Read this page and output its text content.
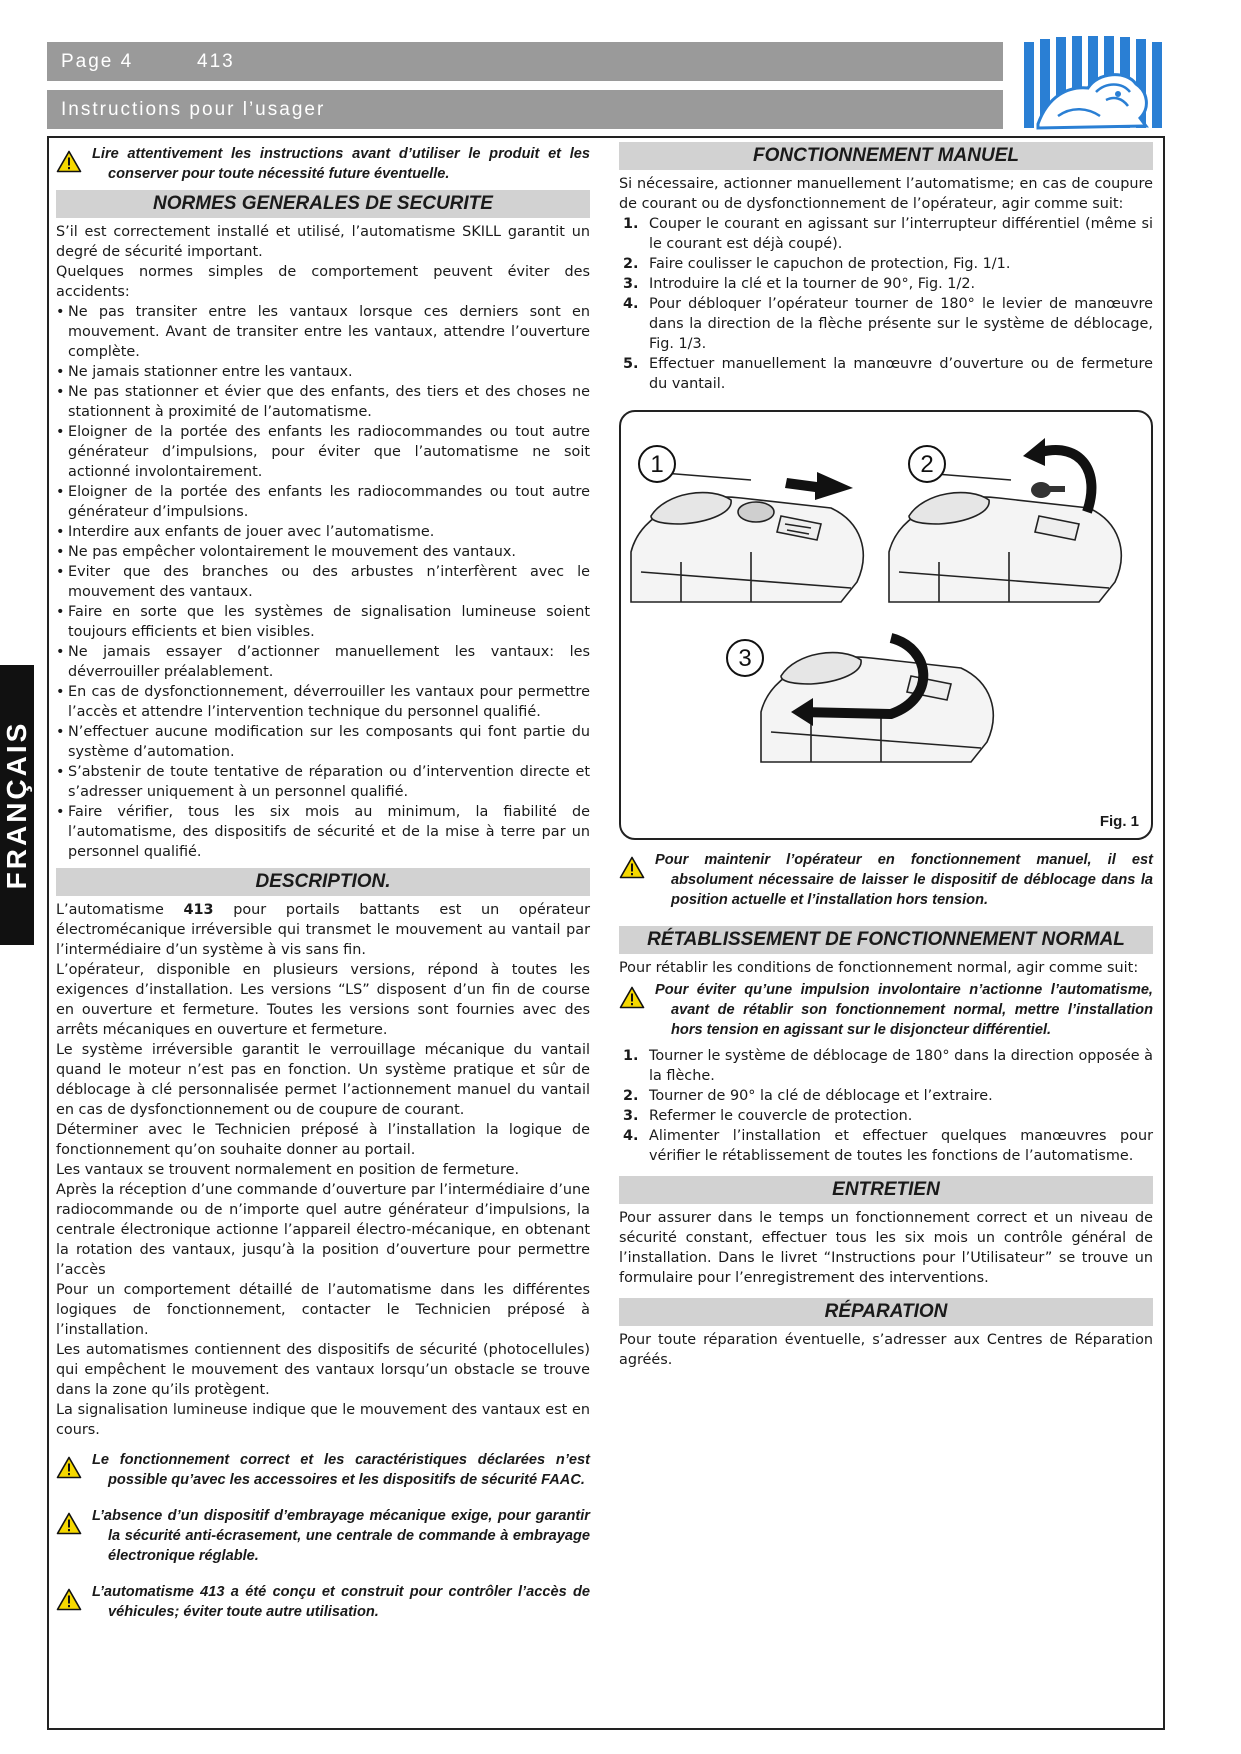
Page 4	413
Instructions pour l’usager
FRANÇAIS
Lire attentivement les instructions avant d’utiliser le produit et les conserver pour toute nécessité future éventuelle.
NORMES GENERALES DE SECURITE

S’il est correctement installé et utilisé, l’automatisme SKILL garantit un degré de sécurité important.

Quelques normes simples de comportement peuvent éviter des accidents:

• Ne pas transiter entre les vantaux lorsque ces derniers sont en mouvement. Avant de transiter entre les vantaux, attendre l’ouverture complète.
• Ne jamais stationner entre les vantaux.
• Ne pas stationner et évier que des enfants, des tiers et des choses ne stationnent à proximité de l’automatisme.
• Eloigner de la portée des enfants les radiocommandes ou tout autre générateur d’impulsions, pour éviter que l’automatisme ne soit actionné involontairement.
• Eloigner de la portée des enfants les radiocommandes ou tout autre générateur d’impulsions.
• Interdire aux enfants de jouer avec l’automatisme.
• Ne pas empêcher volontairement le mouvement des vantaux.
• Eviter que des branches ou des arbustes n’interfèrent avec le mouvement des vantaux.
• Faire en sorte que les systèmes de signalisation lumineuse soient toujours efficients et bien visibles.
• Ne jamais essayer d’actionner manuellement les vantaux: les déverrouiller préalablement.
• En cas de dysfonctionnement, déverrouiller les vantaux pour permettre l’accès et attendre l’intervention technique du personnel qualifié.
• N’effectuer aucune modification sur les composants qui font partie du système d’automation.
• S’abstenir de toute tentative de réparation ou d’intervention directe et s’adresser uniquement à un personnel qualifié.
• Faire vérifier, tous les six mois au minimum, la fiabilité de l’automatisme, des dispositifs de sécurité et de la mise à terre par un personnel qualifié.
DESCRIPTION.

L’automatisme 413 pour portails battants est un opérateur électromécanique irréversible qui transmet le mouvement au vantail par l’intermédiaire d’un système à vis sans fin.

L’opérateur, disponible en plusieurs versions, répond à toutes les exigences d’installation. Les versions “LS” disposent d’un fin de course en ouverture et fermeture. Toutes les versions sont fournies avec des arrêts mécaniques en ouverture et fermeture.

Le système irréversible garantit le verrouillage mécanique du vantail quand le moteur n’est pas en fonction. Un système pratique et sûr de déblocage à clé personnalisée permet l’actionnement manuel du vantail en cas de dysfonctionnement ou de coupure de courant.

Déterminer avec le Technicien préposé à l’installation la logique de fonctionnement qu’on souhaite donner au portail.

Les vantaux se trouvent normalement en position de fermeture.

Après la réception d’une commande d’ouverture par l’intermédiaire d’une radiocommande ou de n’importe quel autre générateur d’impulsions, la centrale électronique actionne l’appareil électro-mécanique, en obtenant la rotation des vantaux, jusqu’à la position d’ouverture pour permettre l’accès

Pour un comportement détaillé de l’automatisme dans les différentes logiques de fonctionnement, contacter le Technicien préposé à l’installation.

Les automatismes contiennent des dispositifs de sécurité (photocellules) qui empêchent le mouvement des vantaux lorsqu’un obstacle se trouve dans la zone qu’ils protègent.

La signalisation lumineuse indique que le mouvement des vantaux est en cours.

Le fonctionnement correct et les caractéristiques déclarées n’est possible qu’avec les accessoires et les dispositifs de sécurité FAAC.
L’absence d’un dispositif d’embrayage mécanique exige, pour garantir la sécurité anti-écrasement, une centrale de commande à embrayage électronique réglable.
L’automatisme 413 a été conçu et construit pour contrôler l’accès de véhicules; éviter toute autre utilisation.
FONCTIONNEMENT MANUEL

Si nécessaire, actionner manuellement l’automatisme; en cas de coupure de courant ou de dysfonctionnement de l’opérateur, agir comme suit:

1. Couper le courant en agissant sur l’interrupteur différentiel (même si le courant est déjà coupé).
2. Faire coulisser le capuchon de protection, Fig. 1/1.
3. Introduire la clé et la tourner de 90°, Fig. 1/2.
4. Pour débloquer l’opérateur tourner de 180° le levier de manœuvre dans la direction de la flèche présente sur le système de déblocage, Fig. 1/3.
5. Effectuer manuellement la manœuvre d’ouverture ou de fermeture du vantail.
1	2
3
Fig. 1
Pour maintenir l’opérateur en fonctionnement manuel, il est absolument nécessaire de laisser le dispositif de déblocage dans la position actuelle et l’installation hors tension.
RÉTABLISSEMENT DE FONCTIONNEMENT NORMAL

Pour rétablir les conditions de fonctionnement normal, agir comme suit:

Pour éviter qu’une impulsion involontaire n’actionne l’automatisme, avant de rétablir son fonctionnement normal, mettre l’installation hors tension en agissant sur le disjoncteur différentiel.
1. Tourner le système de déblocage de 180° dans la direction opposée à la flèche.
2. Tourner de 90° la clé de déblocage et l’extraire.
3. Refermer le couvercle de protection.
4. Alimenter l’installation et effectuer quelques manœuvres pour vérifier le rétablissement de toutes les fonctions de l’automatisme.
ENTRETIEN

Pour assurer dans le temps un fonctionnement correct et un niveau de sécurité constant, effectuer tous les six mois un contrôle général de l’installation. Dans le livret “Instructions pour l’Utilisateur” se trouve un formulaire pour l’enregistrement des interventions.

RÉPARATION

Pour toute réparation éventuelle, s’adresser aux Centres de Réparation agréés.
